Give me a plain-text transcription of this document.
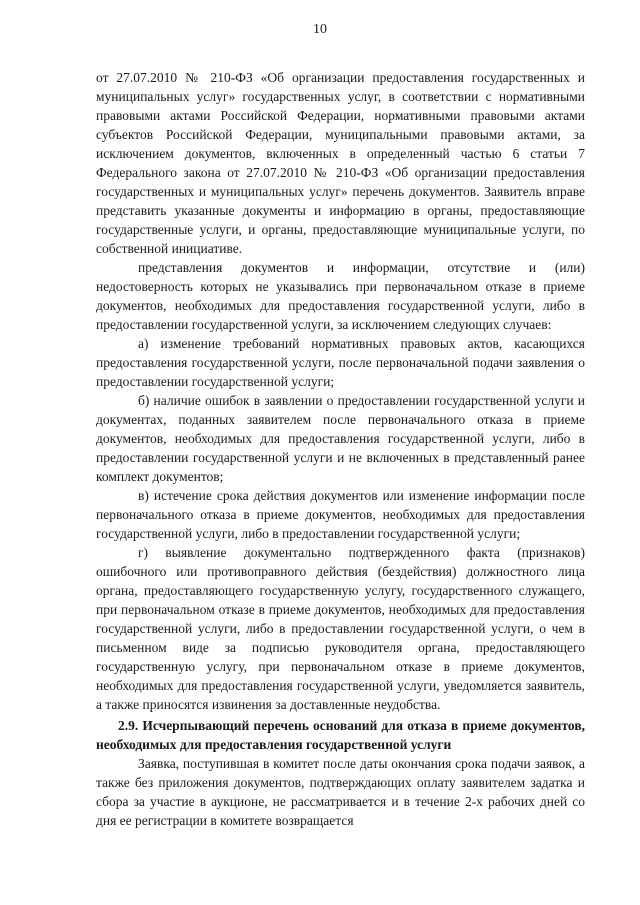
10

от 27.07.2010 № 210-ФЗ «Об организации предоставления государственных и муниципальных услуг» государственных услуг, в соответствии с нормативными правовыми актами Российской Федерации, нормативными правовыми актами субъектов Российской Федерации, муниципальными правовыми актами, за исключением документов, включенных в определенный частью 6 статьи 7 Федерального закона от 27.07.2010 № 210-ФЗ «Об организации предоставления государственных и муниципальных услуг» перечень документов. Заявитель вправе представить указанные документы и информацию в органы, предоставляющие государственные услуги, и органы, предоставляющие муниципальные услуги, по собственной инициативе.

представления документов и информации, отсутствие и (или) недостоверность которых не указывались при первоначальном отказе в приеме документов, необходимых для предоставления государственной услуги, либо в предоставлении государственной услуги, за исключением следующих случаев:

а) изменение требований нормативных правовых актов, касающихся предоставления государственной услуги, после первоначальной подачи заявления о предоставлении государственной услуги;

б) наличие ошибок в заявлении о предоставлении государственной услуги и документах, поданных заявителем после первоначального отказа в приеме документов, необходимых для предоставления государственной услуги, либо в предоставлении государственной услуги и не включенных в представленный ранее комплект документов;

в) истечение срока действия документов или изменение информации после первоначального отказа в приеме документов, необходимых для предоставления государственной услуги, либо в предоставлении государственной услуги;

г) выявление документально подтвержденного факта (признаков) ошибочного или противоправного действия (бездействия) должностного лица органа, предоставляющего государственную услугу, государственного служащего, при первоначальном отказе в приеме документов, необходимых для предоставления государственной услуги, либо в предоставлении государственной услуги, о чем в письменном виде за подписью руководителя органа, предоставляющего государственную услугу, при первоначальном отказе в приеме документов, необходимых для предоставления государственной услуги, уведомляется заявитель, а также приносятся извинения за доставленные неудобства.

2.9. Исчерпывающий перечень оснований для отказа в приеме документов, необходимых для предоставления государственной услуги

Заявка, поступившая в комитет после даты окончания срока подачи заявок, а также без приложения документов, подтверждающих оплату заявителем задатка и сбора за участие в аукционе, не рассматривается и в течение 2-х рабочих дней со дня ее регистрации в комитете возвращается
